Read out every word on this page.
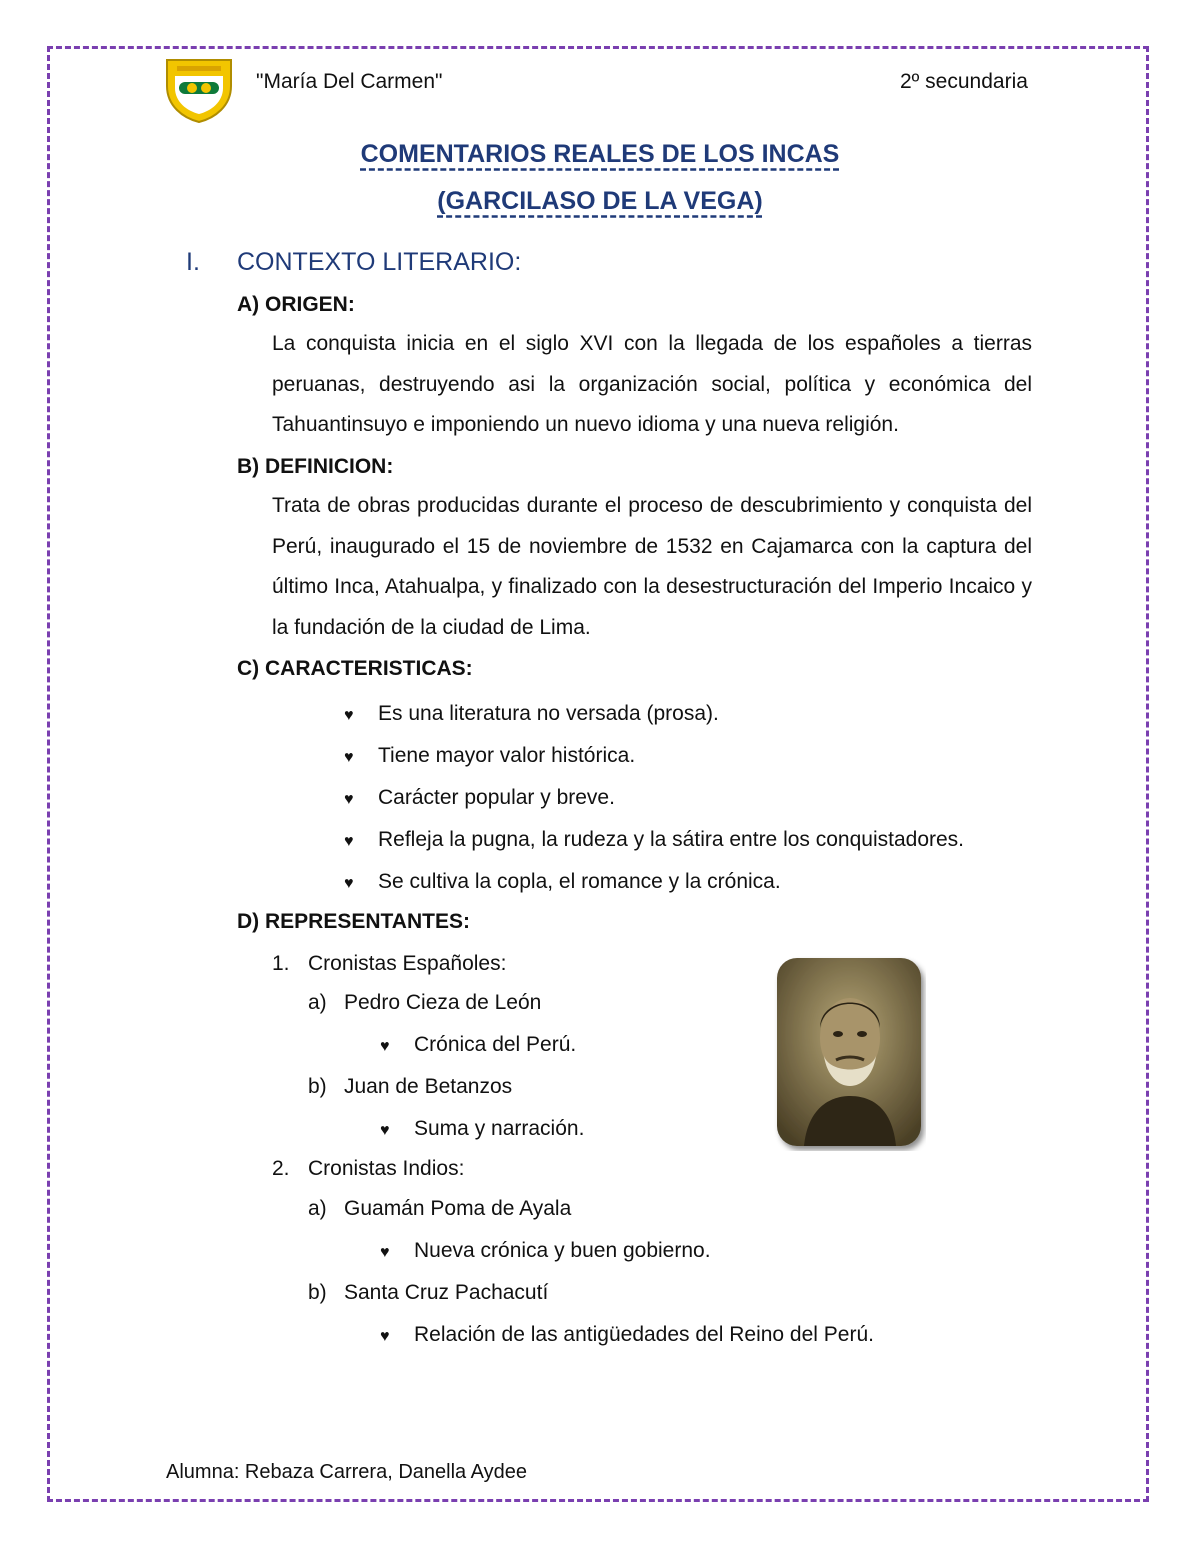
"María Del Carmen"	2º secundaria
COMENTARIOS REALES DE LOS INCAS
(GARCILASO DE LA VEGA)
I. CONTEXTO LITERARIO:
A) ORIGEN:
La conquista inicia en el siglo XVI con la llegada de los españoles a tierras peruanas, destruyendo asi la organización social, política y económica del Tahuantinsuyo e imponiendo un nuevo idioma y una nueva religión.
B) DEFINICION:
Trata de obras producidas durante el proceso de descubrimiento y conquista del Perú, inaugurado el 15 de noviembre de 1532 en Cajamarca con la captura del último Inca, Atahualpa, y finalizado con la desestructuración del Imperio Incaico y la fundación de la ciudad de Lima.
C) CARACTERISTICAS:
♥ Es una literatura no versada (prosa).
♥ Tiene mayor valor histórica.
♥ Carácter popular y breve.
♥ Refleja la pugna, la rudeza y la sátira entre los conquistadores.
♥ Se cultiva la copla, el romance y la crónica.
D) REPRESENTANTES:
1. Cronistas Españoles:
a) Pedro Cieza de León
♥ Crónica del Perú.
b) Juan de Betanzos
♥ Suma y narración.
2. Cronistas Indios:
a) Guamán Poma de Ayala
♥ Nueva crónica y buen gobierno.
b) Santa Cruz Pachacutí
♥ Relación de las antigüedades del Reino del Perú.
Alumna: Rebaza Carrera, Danella Aydee
